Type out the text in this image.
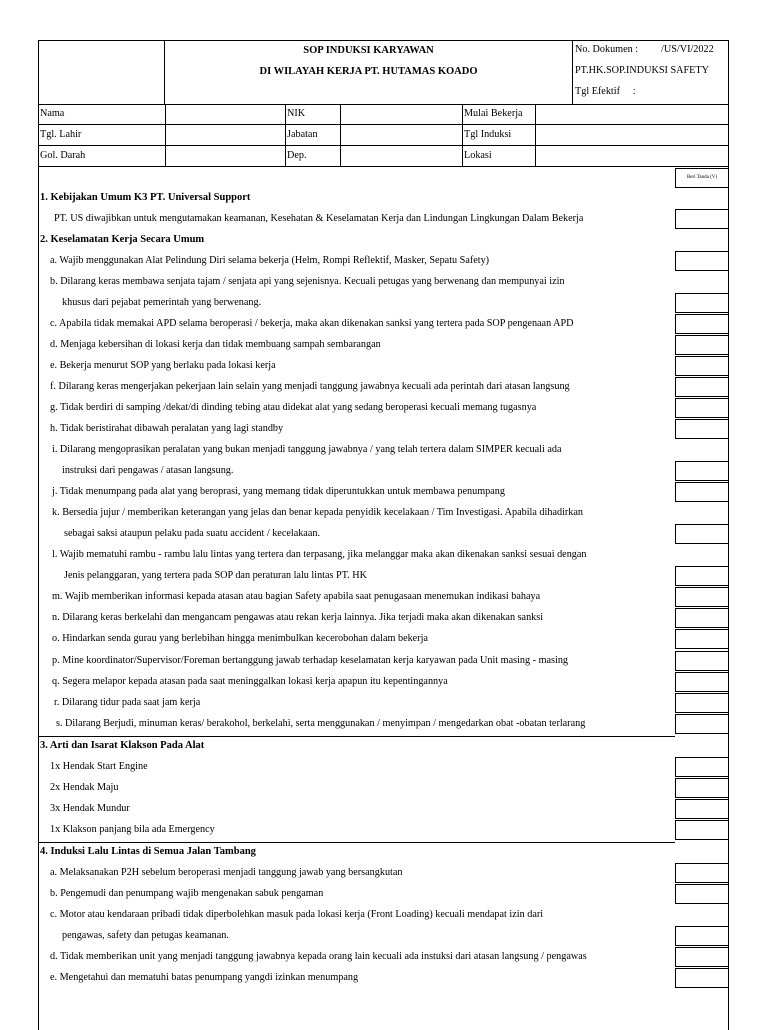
SOP INDUKSI KARYAWAN
DI WILAYAH KERJA PT. HUTAMAS KOADO
No. Dokumen :         /US/VI/2022
PT.HK.SOP.INDUKSI SAFETY
Tgl Efektif     :
Nama	NIK	Mulai Bekerja
Tgl. Lahir	Jabatan	Tgl Induksi
Gol. Darah	Dep.	Lokasi
Beri Tanda (V)
1. Kebijakan Umum K3 PT. Universal Support
PT. US diwajibkan untuk mengutamakan keamanan, Kesehatan & Keselamatan Kerja dan Lindungan Lingkungan Dalam Bekerja
2. Keselamatan Kerja Secara Umum
a. Wajib menggunakan Alat Pelindung Diri selama bekerja (Helm, Rompi Reflektif, Masker, Sepatu Safety)
b. Dilarang keras membawa senjata tajam / senjata api yang sejenisnya. Kecuali petugas yang berwenang dan mempunyai izin
khusus dari pejabat pemerintah yang berwenang.
c. Apabila tidak memakai APD selama beroperasi / bekerja, maka akan dikenakan sanksi yang tertera pada SOP pengenaan APD
d. Menjaga kebersihan di lokasi kerja dan tidak membuang sampah sembarangan
e. Bekerja menurut SOP yang berlaku pada lokasi kerja
f. Dilarang keras mengerjakan pekerjaan lain selain yang menjadi tanggung jawabnya kecuali ada perintah dari atasan langsung
g. Tidak berdiri di samping /dekat/di dinding tebing atau didekat alat yang sedang beroperasi kecuali memang tugasnya
h. Tidak beristirahat dibawah peralatan yang lagi standby
i. Dilarang mengoprasikan peralatan yang bukan menjadi tanggung jawabnya / yang telah tertera dalam SIMPER kecuali ada
instruksi dari pengawas / atasan langsung.
j. Tidak menumpang pada alat yang beroprasi, yang memang tidak diperuntukkan untuk membawa penumpang
k. Bersedia jujur / memberikan keterangan yang jelas dan benar kepada penyidik kecelakaan / Tim Investigasi. Apabila dihadirkan
sebagai saksi ataupun pelaku pada suatu accident / kecelakaan.
l. Wajib mematuhi rambu - rambu lalu lintas yang tertera dan terpasang, jika melanggar maka akan dikenakan sanksi sesuai dengan
Jenis pelanggaran, yang tertera pada SOP dan peraturan lalu lintas PT. HK
m. Wajib memberikan informasi kepada atasan atau bagian Safety apabila saat penugasaan menemukan indikasi bahaya
n. Dilarang keras berkelahi dan mengancam pengawas atau rekan kerja lainnya. Jika terjadi maka akan dikenakan sanksi
o. Hindarkan senda gurau yang berlebihan hingga menimbulkan kecerobohan dalam bekerja
p. Mine koordinator/Supervisor/Foreman bertanggung jawab terhadap keselamatan kerja karyawan pada Unit masing - masing
q. Segera melapor kepada atasan pada saat meninggalkan lokasi kerja apapun itu kepentingannya
r. Dilarang tidur pada saat jam kerja
s. Dilarang Berjudi, minuman keras/ berakohol, berkelahi, serta menggunakan / menyimpan / mengedarkan obat -obatan terlarang
3. Arti dan Isarat Klakson Pada Alat
1x Hendak Start Engine
2x Hendak Maju
3x Hendak Mundur
1x Klakson panjang bila ada Emergency
4. Induksi Lalu Lintas di Semua Jalan Tambang
a. Melaksanakan P2H sebelum beroperasi menjadi tanggung jawab yang bersangkutan
b. Pengemudi dan penumpang wajib mengenakan sabuk pengaman
c. Motor atau kendaraan pribadi tidak diperbolehkan masuk pada lokasi kerja (Front Loading) kecuali mendapat izin dari
pengawas, safety dan petugas keamanan.
d. Tidak memberikan unit yang menjadi tanggung jawabnya kepada orang lain kecuali ada instuksi dari atasan langsung / pengawas
e. Mengetahui dan mematuhi batas penumpang yangdi izinkan menumpang
